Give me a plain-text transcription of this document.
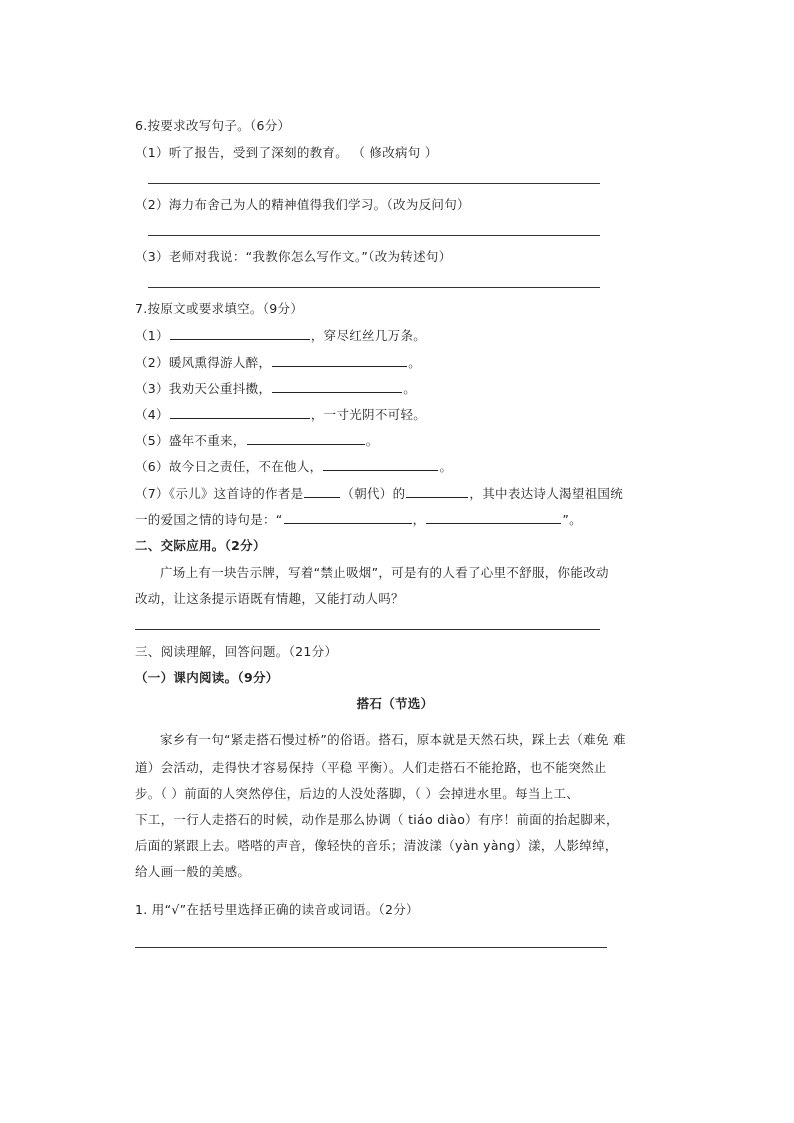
6.按要求改写句子。（6分）
（1）听了报告，受到了深刻的教育。 （ 修改病句 ）
（2）海力布舍己为人的精神值得我们学习。（改为反问句）
（3）老师对我说：“我教你怎么写作文。”（改为转述句）
7.按原文或要求填空。（9分）
（1）	，穿尽红丝几万条。
（2）暖风熏得游人醉，	。
（3）我劝天公重抖擞，	。
（4）	，一寸光阴不可轻。
（5）盛年不重来，	。
（6）故今日之责任，不在他人，	。
（7）《示儿》这首诗的作者是	（朝代）的	，其中表达诗人渴望祖国统
一的爱国之情的诗句是：“	，	”。
二、交际应用。（2分）
广场上有一块告示牌，写着“禁止吸烟”，可是有的人看了心里不舒服，你能改动
改动，让这条提示语既有情趣，又能打动人吗？
三、阅读理解，回答问题。（21分）
（一）课内阅读。（9分）
搭石（节选）
家乡有一句“紧走搭石慢过桥”的俗语。搭石，原本就是天然石块，踩上去（难免 难
道）会活动，走得快才容易保持（平稳 平衡）。人们走搭石不能抢路，也不能突然止
步。（ ）前面的人突然停住，后边的人没处落脚，（ ）会掉进水里。每当上工、
下工，一行人走搭石的时候，动作是那么协调（ tiáo diào）有序！前面的抬起脚来，
后面的紧跟上去。嗒嗒的声音，像轻快的音乐；清波漾（yàn yàng）漾，人影绰绰，
给人画一般的美感。
1. 用“√”在括号里选择正确的读音或词语。（2分）
